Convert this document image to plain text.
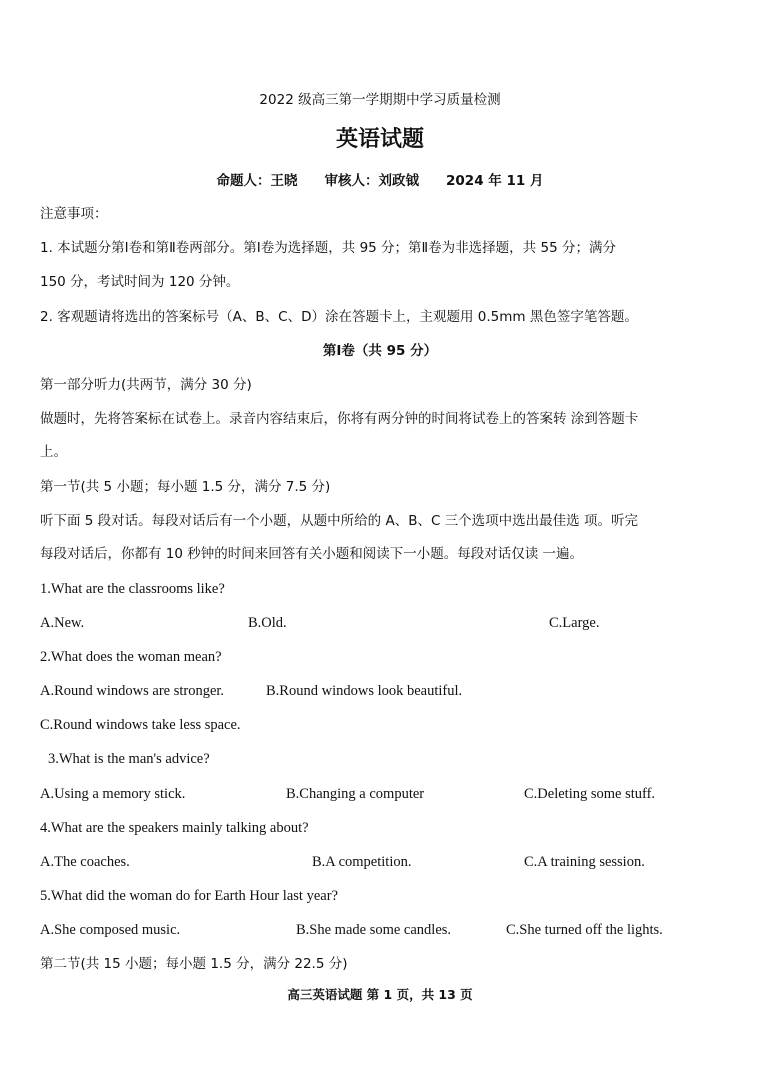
2022 级高三第一学期期中学习质量检测
英语试题
命题人：王晓　　审核人：刘政钺　　2024 年 11 月
注意事项：
1. 本试题分第Ⅰ卷和第Ⅱ卷两部分。第Ⅰ卷为选择题，共 95 分；第Ⅱ卷为非选择题，共 55 分；满分
150 分，考试时间为 120 分钟。
2. 客观题请将选出的答案标号（A、B、C、D）涂在答题卡上，主观题用 0.5mm 黑色签字笔答题。
第Ⅰ卷（共 95 分）
第一部分听力(共两节，满分 30 分)
做题时，先将答案标在试卷上。录音内容结束后，你将有两分钟的时间将试卷上的答案转 涂到答题卡
上。
第一节(共 5 小题；每小题 1.5 分，满分 7.5 分)
听下面 5 段对话。每段对话后有一个小题，从题中所给的 A、B、C 三个选项中选出最佳选 项。听完
每段对话后，你都有 10 秒钟的时间来回答有关小题和阅读下一小题。每段对话仅读 一遍。
1.What are the classrooms like?
A.New.	B.Old.	C.Large.
2.What does the woman mean?
A.Round windows are stronger.	B.Round windows look beautiful.
C.Round windows take less space.
3.What is the man's advice?
A.Using a memory stick.	B.Changing a computer	C.Deleting some stuff.
4.What are the speakers mainly talking about?
A.The coaches.	B.A competition.	C.A training session.
5.What did the woman do for Earth Hour last year?
A.She composed music.	B.She made some candles.	C.She turned off the lights.
第二节(共 15 小题；每小题 1.5 分，满分 22.5 分)
高三英语试题 第 1 页，共 13 页
